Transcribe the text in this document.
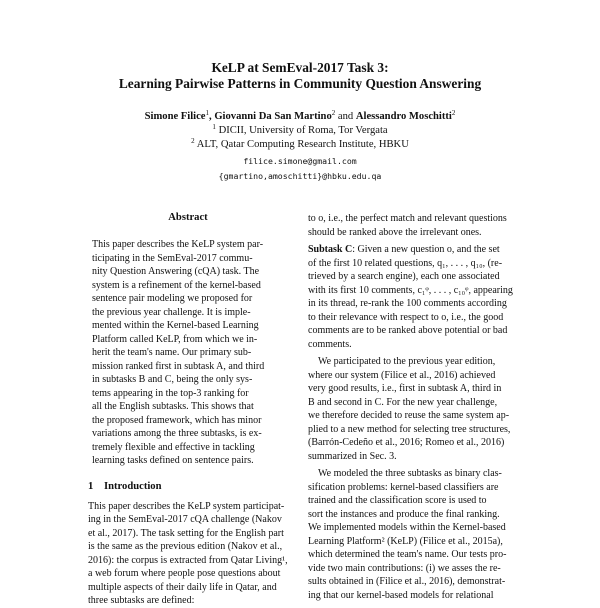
KeLP at SemEval-2017 Task 3:
Learning Pairwise Patterns in Community Question Answering
Simone Filice$^1$, Giovanni Da San Martino$^2$ and Alessandro Moschitti$^2$
$^1$ DICII, University of Roma, Tor Vergata
$^2$ ALT, Qatar Computing Research Institute, HBKU
filice.simone@gmail.com
{gmartino,amoschitti}@hbku.edu.qa
Abstract
This paper describes the KeLP system par-
ticipating in the SemEval-2017 commu-
nity Question Answering (cQA) task. The
system is a refinement of the kernel-based
sentence pair modeling we proposed for
the previous year challenge. It is imple-
mented within the Kernel-based Learning
Platform called KeLP, from which we in-
herit the team's name. Our primary sub-
mission ranked first in subtask A, and third
in subtasks B and C, being the only sys-
tems appearing in the top-3 ranking for
all the English subtasks. This shows that
the proposed framework, which has minor
variations among the three subtasks, is ex-
tremely flexible and effective in tackling
learning tasks defined on sentence pairs.
1 Introduction
This paper describes the KeLP system participat-
ing in the SemEval-2017 cQA challenge (Nakov
et al., 2017). The task setting for the English part
is the same as the previous edition (Nakov et al.,
2016): the corpus is extracted from Qatar Living¹,
a web forum where people pose questions about
multiple aspects of their daily life in Qatar, and
three subtasks are defined:
to o, i.e., the perfect match and relevant questions
should be ranked above the irrelevant ones.
Subtask C: Given a new question o, and the set
of the first 10 related questions, q₁, . . . , q₁₀, (re-
trieved by a search engine), each one associated
with its first 10 comments, c₁ᵠ, . . . , c₁₀ᵠ, appearing
in its thread, re-rank the 100 comments according
to their relevance with respect to o, i.e., the good
comments are to be ranked above potential or bad
comments.
We participated to the previous year edition,
where our system (Filice et al., 2016) achieved
very good results, i.e., first in subtask A, third in
B and second in C. For the new year challenge,
we therefore decided to reuse the same system ap-
plied to a new method for selecting tree structures,
(Barrón-Cedeño et al., 2016; Romeo et al., 2016)
summarized in Sec. 3.
We modeled the three subtasks as binary clas-
sification problems: kernel-based classifiers are
trained and the classification score is used to
sort the instances and produce the final ranking.
We implemented models within the Kernel-based
Learning Platform² (KeLP) (Filice et al., 2015a),
which determined the team's name. Our tests pro-
vide two main contributions: (i) we asses the re-
sults obtained in (Filice et al., 2016), demonstrat-
ing that our kernel-based models for relational
